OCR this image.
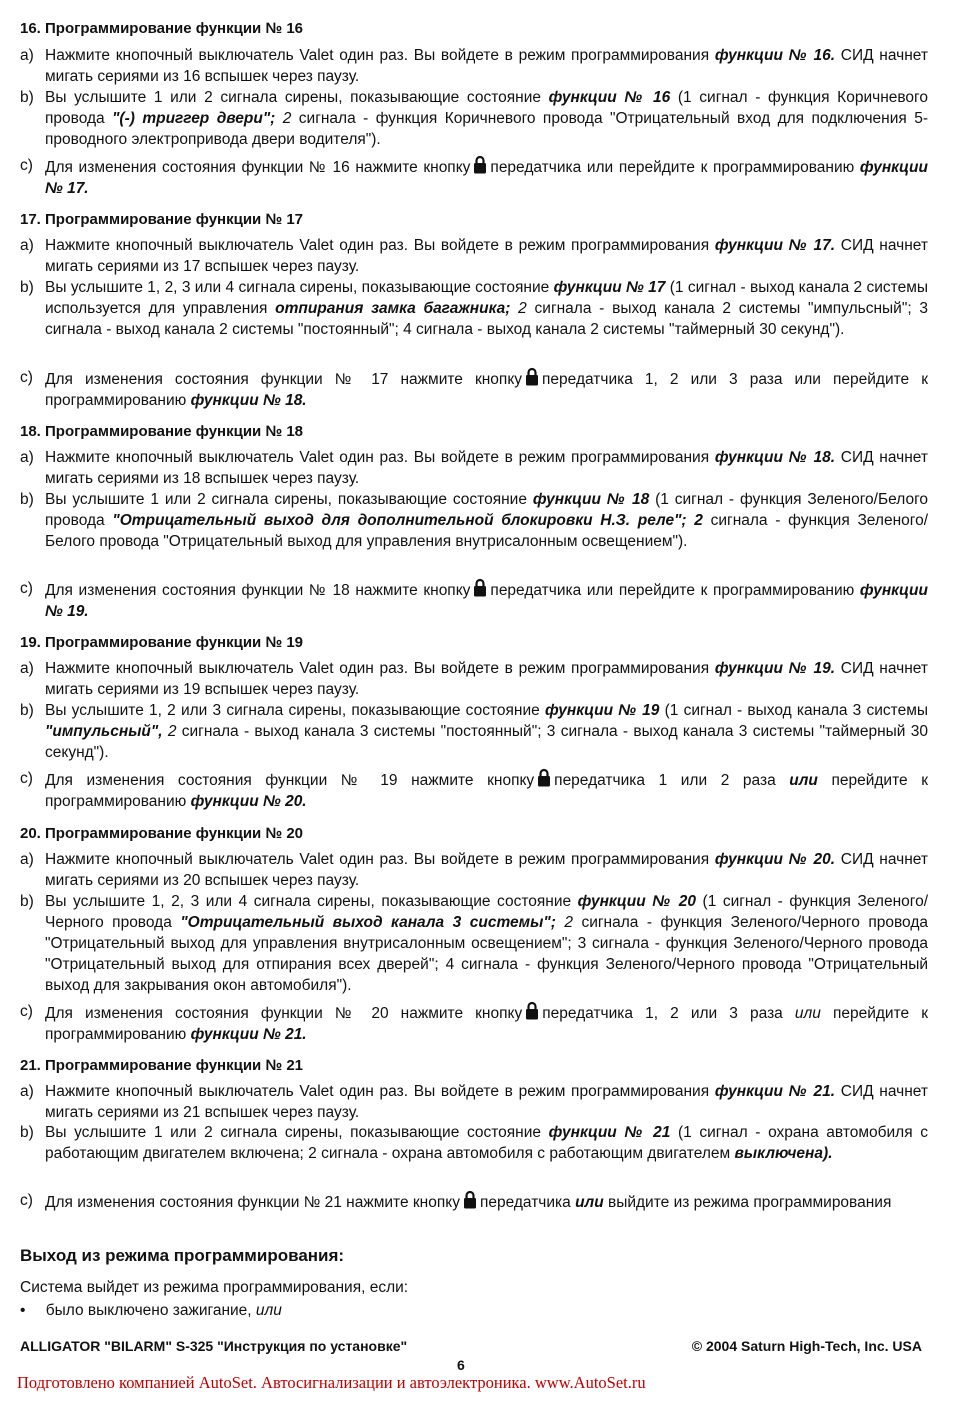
16. Программирование функции № 16
a) Нажмите кнопочный выключатель Valet один раз. Вы войдете в режим программирования функции № 16. СИД начнет мигать сериями из 16 вспышек через паузу.
b) Вы услышите 1 или 2 сигнала сирены, показывающие состояние функции № 16 (1 сигнал - функция Коричневого провода "(-) триггер двери"; 2 сигнала - функция Коричневого провода "Отрицательный вход для подключения 5-проводного электропривода двери водителя").
c) Для изменения состояния функции № 16 нажмите кнопку передатчика или перейдите к программированию функции № 17.
17. Программирование функции № 17
a) Нажмите кнопочный выключатель Valet один раз. Вы войдете в режим программирования функции № 17. СИД начнет мигать сериями из 17 вспышек через паузу.
b) Вы услышите 1, 2, 3 или 4 сигнала сирены, показывающие состояние функции № 17 (1 сигнал - выход канала 2 системы используется для управления отпирания замка багажника; 2 сигнала - выход канала 2 системы "импульсный"; 3 сигнала - выход канала 2 системы "постоянный"; 4 сигнала - выход канала 2 системы "таймерный 30 секунд").
c) Для изменения состояния функции № 17 нажмите кнопку передатчика 1, 2 или 3 раза или перейдите к программированию функции № 18.
18. Программирование функции № 18
a) Нажмите кнопочный выключатель Valet один раз. Вы войдете в режим программирования функции № 18. СИД начнет мигать сериями из 18 вспышек через паузу.
b) Вы услышите 1 или 2 сигнала сирены, показывающие состояние функции № 18 (1 сигнал - функция Зеленого/Белого провода "Отрицательный выход для дополнительной блокировки Н.З. реле"; 2 сигнала - функция Зеленого/Белого провода "Отрицательный выход для управления внутрисалонным освещением").
c) Для изменения состояния функции № 18 нажмите кнопку передатчика или перейдите к программированию функции № 19.
19. Программирование функции № 19
a) Нажмите кнопочный выключатель Valet один раз. Вы войдете в режим программирования функции № 19. СИД начнет мигать сериями из 19 вспышек через паузу.
b) Вы услышите 1, 2 или 3 сигнала сирены, показывающие состояние функции № 19 (1 сигнал - выход канала 3 системы "импульсный", 2 сигнала - выход канала 3 системы "постоянный"; 3 сигнала - выход канала 3 системы "таймерный 30 секунд").
c) Для изменения состояния функции № 19 нажмите кнопку передатчика 1 или 2 раза или перейдите к программированию функции № 20.
20. Программирование функции № 20
a) Нажмите кнопочный выключатель Valet один раз. Вы войдете в режим программирования функции № 20. СИД начнет мигать сериями из 20 вспышек через паузу.
b) Вы услышите 1, 2, 3 или 4 сигнала сирены, показывающие состояние функции № 20 (1 сигнал - функция Зеленого/Черного провода "Отрицательный выход канала 3 системы"; 2 сигнала - функция Зеленого/Черного провода "Отрицательный выход для управления внутрисалонным освещением"; 3 сигнала - функция Зеленого/Черного провода "Отрицательный выход для отпирания всех дверей"; 4 сигнала - функция Зеленого/Черного провода "Отрицательный выход для закрывания окон автомобиля").
c) Для изменения состояния функции № 20 нажмите кнопку передатчика 1, 2 или 3 раза или перейдите к программированию функции № 21.
21. Программирование функции № 21
a) Нажмите кнопочный выключатель Valet один раз. Вы войдете в режим программирования функции № 21. СИД начнет мигать сериями из 21 вспышек через паузу.
b) Вы услышите 1 или 2 сигнала сирены, показывающие состояние функции № 21 (1 сигнал - охрана автомобиля с работающим двигателем включена; 2 сигнала - охрана автомобиля с работающим двигателем выключена).
c) Для изменения состояния функции № 21 нажмите кнопку передатчика или выйдите из режима программирования
Выход из режима программирования:
Система выйдет из режима программирования, если:
• было выключено зажигание, или
ALLIGATOR "BILARM" S-325 "Инструкция по установке"	© 2004 Saturn High-Tech, Inc. USA
6
Подготовлено компанией AutoSet. Автосигнализации и автоэлектроника. www.AutoSet.ru
